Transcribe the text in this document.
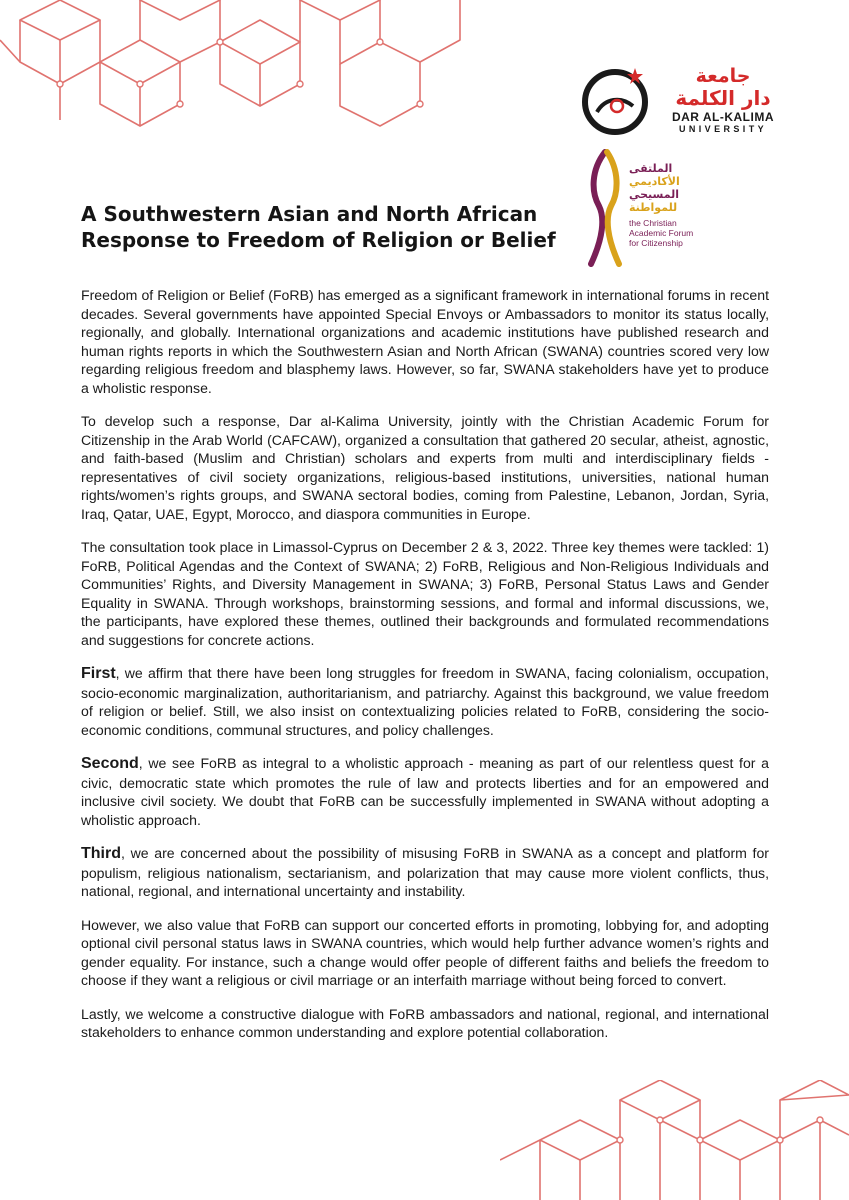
جامعة
دار الكلمة
DAR AL-KALIMA
UNIVERSITY
الملتقى
الأكاديمي
المسيحي
للمواطنة
the Christian
Academic Forum
for Citizenship
A Southwestern Asian and North African
Response to Freedom of Religion or Belief

Freedom of Religion or Belief (FoRB) has emerged as a significant framework in international forums in recent decades. Several governments have appointed Special Envoys or Ambassadors to monitor its status locally, regionally, and globally. International organizations and academic institutions have published research and human rights reports in which the Southwestern Asian and North African (SWANA) countries scored very low regarding religious freedom and blasphemy laws. However, so far, SWANA stakeholders have yet to produce a wholistic response.

To develop such a response, Dar al-Kalima University, jointly with the Christian Academic Forum for Citizenship in the Arab World (CAFCAW), organized a consultation that gathered 20 secular, atheist, agnostic, and faith-based (Muslim and Christian) scholars and experts from multi and interdisciplinary fields - representatives of civil society organizations, religious-based institutions, universities, national human rights/women’s rights groups, and SWANA sectoral bodies, coming from Palestine, Lebanon, Jordan, Syria, Iraq, Qatar, UAE, Egypt, Morocco, and diaspora communities in Europe.

The consultation took place in Limassol-Cyprus on December 2 & 3, 2022. Three key themes were tackled: 1) FoRB, Political Agendas and the Context of SWANA; 2) FoRB, Religious and Non-Religious Individuals and Communities’ Rights, and Diversity Management in SWANA; 3) FoRB, Personal Status Laws and Gender Equality in SWANA. Through workshops, brainstorming sessions, and formal and informal discussions, we, the participants, have explored these themes, outlined their backgrounds and formulated recommendations and suggestions for concrete actions.

First, we affirm that there have been long struggles for freedom in SWANA, facing colonialism, occupation, socio-economic marginalization, authoritarianism, and patriarchy. Against this background, we value freedom of religion or belief. Still, we also insist on contextualizing policies related to FoRB, considering the socio-economic conditions, communal structures, and policy challenges.

Second, we see FoRB as integral to a wholistic approach - meaning as part of our relentless quest for a civic, democratic state which promotes the rule of law and protects liberties and for an empowered and inclusive civil society. We doubt that FoRB can be successfully implemented in SWANA without adopting a wholistic approach.

Third, we are concerned about the possibility of misusing FoRB in SWANA as a concept and platform for populism, religious nationalism, sectarianism, and polarization that may cause more violent conflicts, thus, national, regional, and international uncertainty and instability.

However, we also value that FoRB can support our concerted efforts in promoting, lobbying for, and adopting optional civil personal status laws in SWANA countries, which would help further advance women’s rights and gender equality. For instance, such a change would offer people of different faiths and beliefs the freedom to choose if they want a religious or civil marriage or an interfaith marriage without being forced to convert.

Lastly, we welcome a constructive dialogue with FoRB ambassadors and national, regional, and international stakeholders to enhance common understanding and explore potential collaboration.
